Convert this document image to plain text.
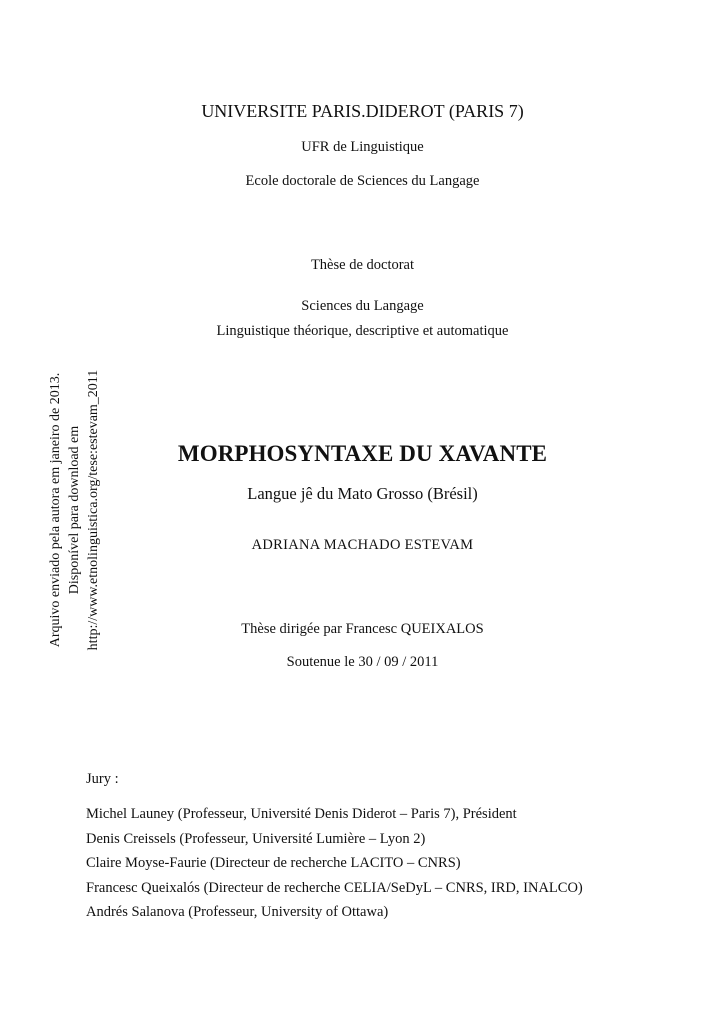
UNIVERSITE PARIS.DIDEROT (PARIS 7)
UFR de Linguistique
Ecole doctorale de Sciences du Langage
Thèse de doctorat
Sciences du Langage
Linguistique théorique, descriptive et automatique
MORPHOSYNTAXE DU XAVANTE
Langue jê du Mato Grosso (Brésil)
ADRIANA MACHADO ESTEVAM
Thèse dirigée par Francesc QUEIXALOS
Soutenue le 30 / 09 / 2011
Arquivo enviado pela autora em janeiro de 2013. Disponível para download em http://www.etnolinguistica.org/tese:estevam_2011
Jury :
Michel Launey (Professeur, Université Denis Diderot – Paris 7), Président
Denis Creissels (Professeur, Université Lumière – Lyon 2)
Claire Moyse-Faurie (Directeur de recherche LACITO – CNRS)
Francesc Queixalós (Directeur de recherche CELIA/SeDyL – CNRS, IRD, INALCO)
Andrés Salanova (Professeur, University of Ottawa)
